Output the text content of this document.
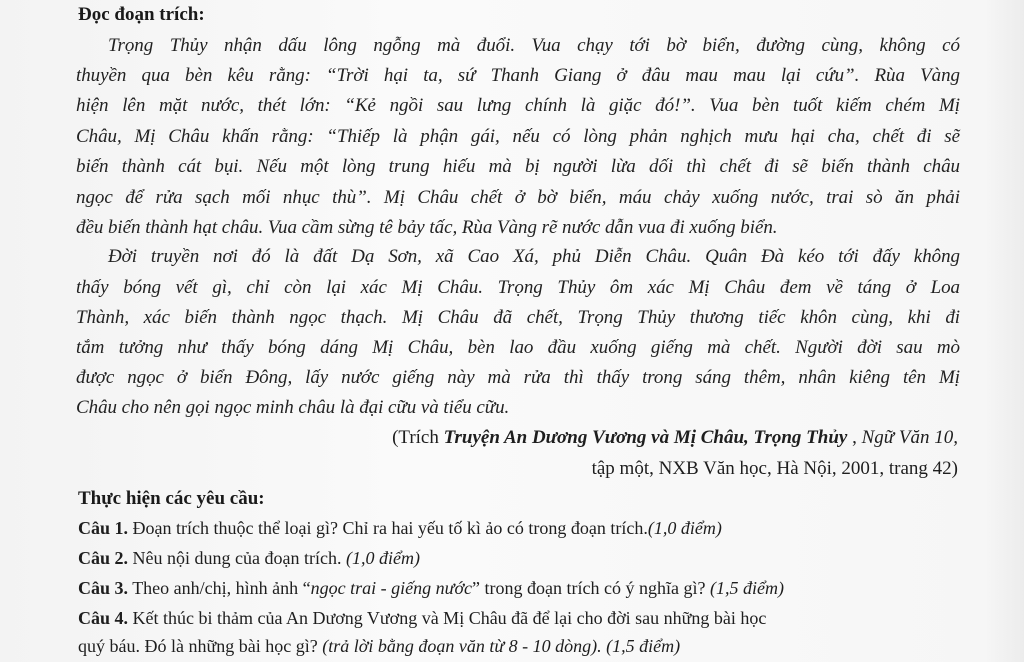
Đọc đoạn trích:
Trọng Thủy nhận dấu lông ngỗng mà đuổi. Vua chạy tới bờ biển, đường cùng, không có
thuyền qua bèn kêu rằng: “Trời hại ta, sứ Thanh Giang ở đâu mau mau lại cứu”. Rùa Vàng
hiện lên mặt nước, thét lớn: “Kẻ ngồi sau lưng chính là giặc đó!”. Vua bèn tuốt kiếm chém Mị
Châu, Mị Châu khấn rằng: “Thiếp là phận gái, nếu có lòng phản nghịch mưu hại cha, chết đi sẽ
biến thành cát bụi. Nếu một lòng trung hiếu mà bị người lừa dối thì chết đi sẽ biến thành châu
ngọc để rửa sạch mối nhục thù”. Mị Châu chết ở bờ biển, máu chảy xuống nước, trai sò ăn phải
đều biến thành hạt châu. Vua cầm sừng tê bảy tấc, Rùa Vàng rẽ nước dẫn vua đi xuống biển.
Đời truyền nơi đó là đất Dạ Sơn, xã Cao Xá, phủ Diễn Châu. Quân Đà kéo tới đấy không
thấy bóng vết gì, chỉ còn lại xác Mị Châu. Trọng Thủy ôm xác Mị Châu đem về táng ở Loa
Thành, xác biến thành ngọc thạch. Mị Châu đã chết, Trọng Thủy thương tiếc khôn cùng, khi đi
tắm tưởng như thấy bóng dáng Mị Châu, bèn lao đầu xuống giếng mà chết. Người đời sau mò
được ngọc ở biển Đông, lấy nước giếng này mà rửa thì thấy trong sáng thêm, nhân kiêng tên Mị
Châu cho nên gọi ngọc minh châu là đại cữu và tiểu cữu.
(Trích Truyện An Dương Vương và Mị Châu, Trọng Thủy , Ngữ Văn 10,
tập một, NXB Văn học, Hà Nội, 2001, trang 42)
Thực hiện các yêu cầu:
Câu 1. Đoạn trích thuộc thể loại gì? Chỉ ra hai yếu tố kì ảo có trong đoạn trích.(1,0 điểm)
Câu 2. Nêu nội dung của đoạn trích. (1,0 điểm)
Câu 3. Theo anh/chị, hình ảnh “ngọc trai - giếng nước” trong đoạn trích có ý nghĩa gì? (1,5 điểm)
Câu 4. Kết thúc bi thảm của An Dương Vương và Mị Châu đã để lại cho đời sau những bài học
quý báu. Đó là những bài học gì? (trả lời bằng đoạn văn từ 8 - 10 dòng). (1,5 điểm)
